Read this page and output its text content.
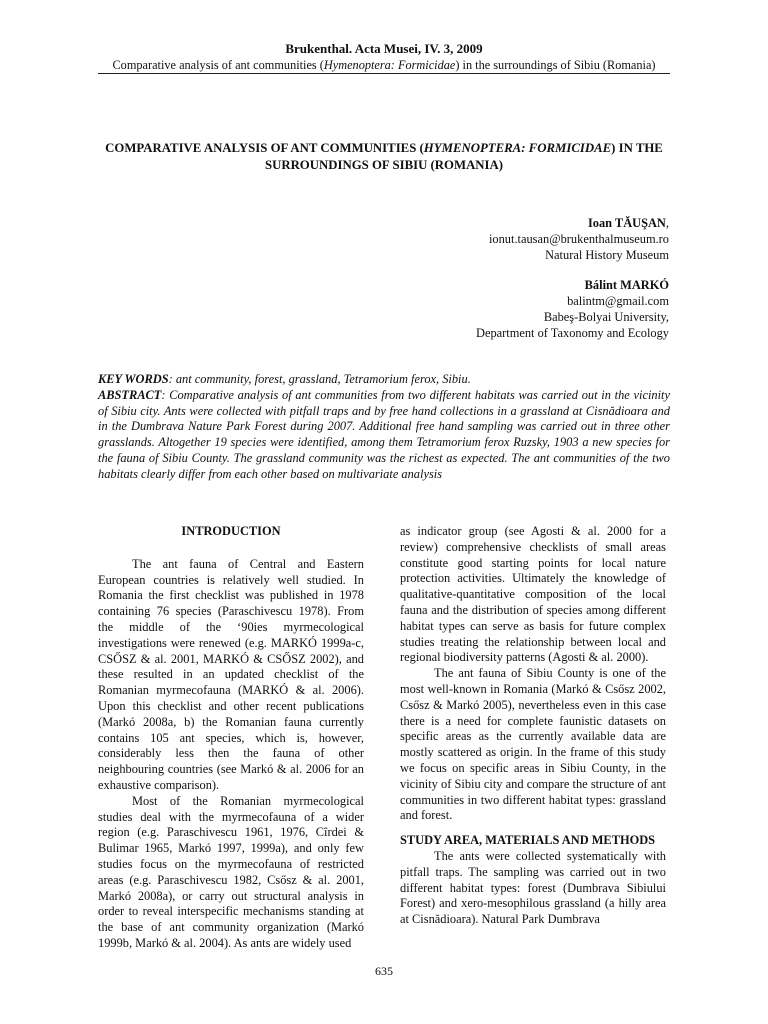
Brukenthal. Acta Musei, IV. 3, 2009
Comparative analysis of ant communities (Hymenoptera: Formicidae) in the surroundings of Sibiu (Romania)
COMPARATIVE ANALYSIS OF ANT COMMUNITIES (HYMENOPTERA: FORMICIDAE) IN THE SURROUNDINGS OF SIBIU (ROMANIA)
Ioan TĂUŞAN,
ionut.tausan@brukenthalmuseum.ro
Natural History Museum
Bálint MARKÓ
balintm@gmail.com
Babeş-Bolyai University,
Department of Taxonomy and Ecology
KEY WORDS: ant community, forest, grassland, Tetramorium ferox, Sibiu.
ABSTRACT: Comparative analysis of ant communities from two different habitats was carried out in the vicinity of Sibiu city. Ants were collected with pitfall traps and by free hand collections in a grassland at Cisnădioara and in the Dumbrava Nature Park Forest during 2007. Additional free hand sampling was carried out in three other grasslands. Altogether 19 species were identified, among them Tetramorium ferox Ruzsky, 1903 a new species for the fauna of Sibiu County. The grassland community was the richest as expected. The ant communities of the two habitats clearly differ from each other based on multivariate analysis

INTRODUCTION

The ant fauna of Central and Eastern European countries is relatively well studied. In Romania the first checklist was published in 1978 containing 76 species (Paraschivescu 1978). From the middle of the ‘90ies myrmecological investigations were renewed (e.g. MARKÓ 1999a-c, CSŐSZ & al. 2001, MARKÓ & CSŐSZ 2002), and these resulted in an updated checklist of the Romanian myrmecofauna (MARKÓ & al. 2006). Upon this checklist and other recent publications (Markó 2008a, b) the Romanian fauna currently contains 105 ant species, which is, however, considerably less then the fauna of other neighbouring countries (see Markó & al. 2006 for an exhaustive comparison).

Most of the Romanian myrmecological studies deal with the myrmecofauna of a wider region (e.g. Paraschivescu 1961, 1976, Cîrdei & Bulimar 1965, Markó 1997, 1999a), and only few studies focus on the myrmecofauna of restricted areas (e.g. Paraschivescu 1982, Csősz & al. 2001, Markó 2008a), or carry out structural analysis in order to reveal interspecific mechanisms standing at the base of ant community organization (Markó 1999b, Markó & al. 2004). As ants are widely used

as indicator group (see Agosti & al. 2000 for a review) comprehensive checklists of small areas constitute good starting points for local nature protection activities. Ultimately the knowledge of qualitative-quantitative composition of the local fauna and the distribution of species among different habitat types can serve as basis for future complex studies treating the relationship between local and regional biodiversity patterns (Agosti & al. 2000).

The ant fauna of Sibiu County is one of the most well-known in Romania (Markó & Csősz 2002, Csősz & Markó 2005), nevertheless even in this case there is a need for complete faunistic datasets on specific areas as the currently available data are mostly scattered as origin. In the frame of this study we focus on specific areas in Sibiu County, in the vicinity of Sibiu city and compare the structure of ant communities in two different habitat types: grassland and forest.

STUDY AREA, MATERIALS AND METHODS

The ants were collected systematically with pitfall traps. The sampling was carried out in two different habitat types: forest (Dumbrava Sibiului Forest) and xero-mesophilous grassland (a hilly area at Cisnădioara). Natural Park Dumbrava

635
